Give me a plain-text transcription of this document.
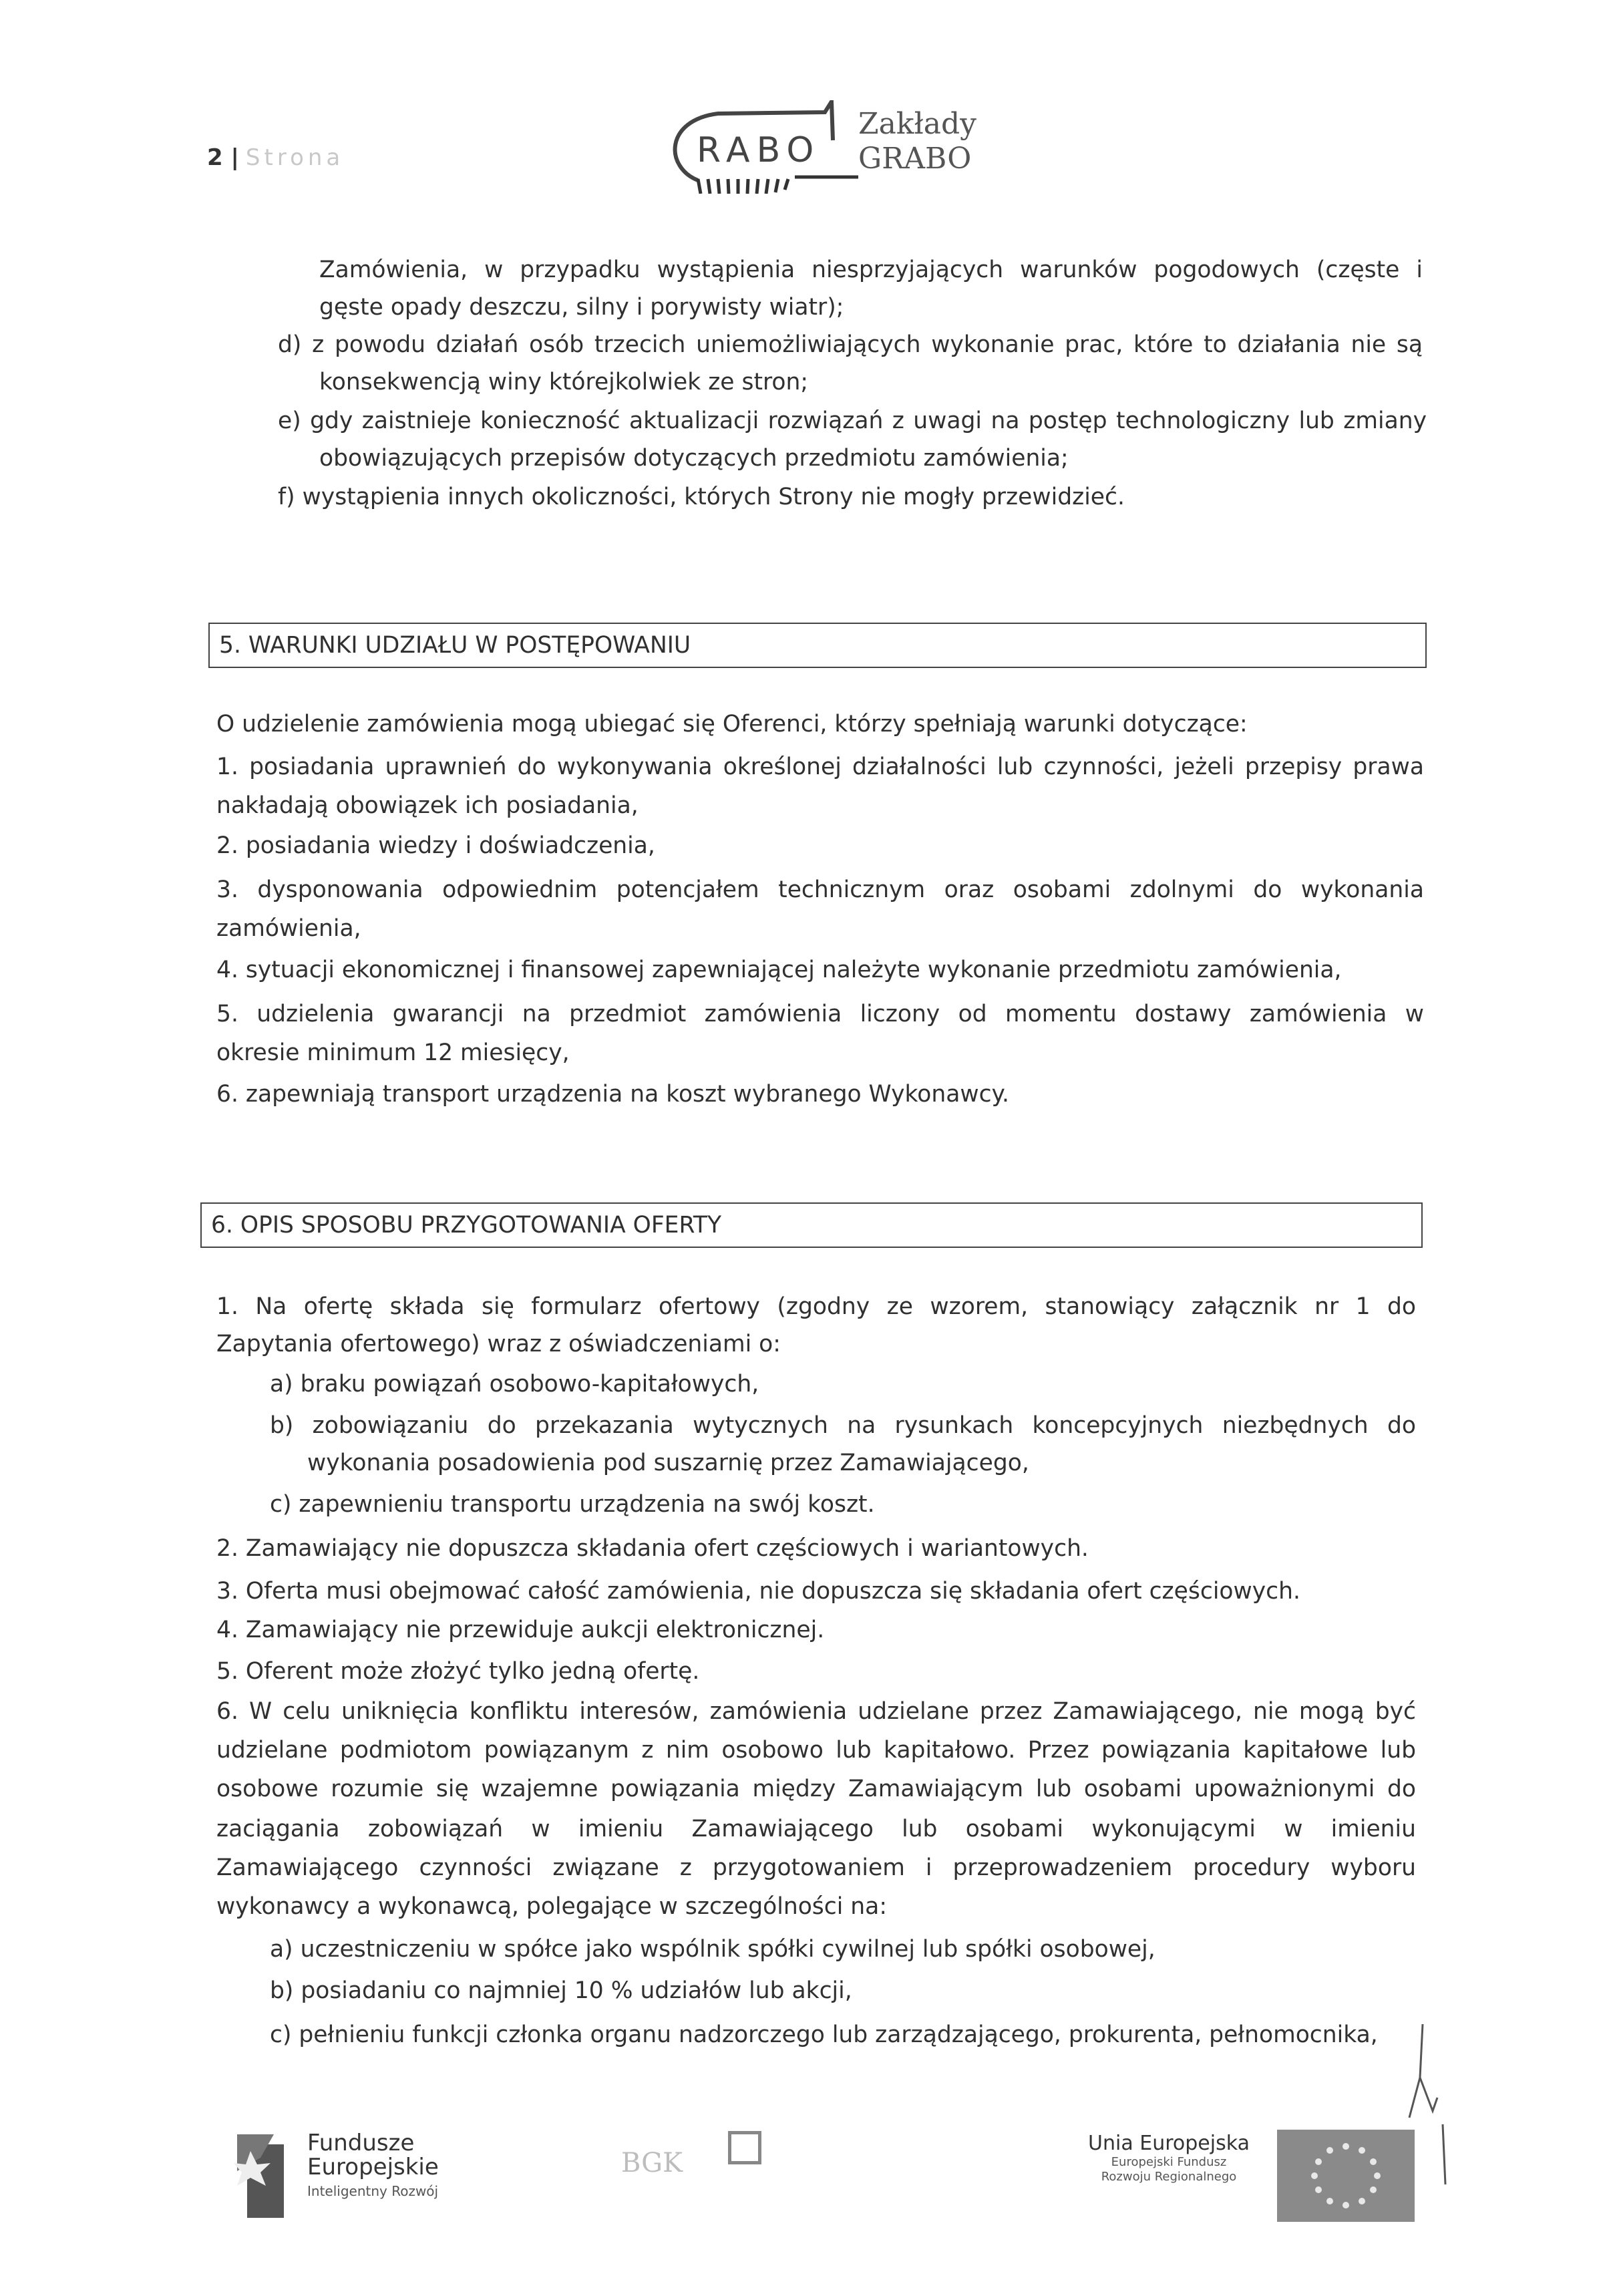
2 | Strona	RABO
Zakłady
GRABO
Zamówienia, w przypadku wystąpienia niesprzyjających warunków pogodowych (częste i
gęste opady deszczu, silny i porywisty wiatr);
d) z powodu działań osób trzecich uniemożliwiających wykonanie prac, które to działania nie są
konsekwencją winy którejkolwiek ze stron;
e) gdy zaistnieje konieczność aktualizacji rozwiązań z uwagi na postęp technologiczny lub zmiany
obowiązujących przepisów dotyczących przedmiotu zamówienia;
f) wystąpienia innych okoliczności, których Strony nie mogły przewidzieć.
5. WARUNKI UDZIAŁU W POSTĘPOWANIU
O udzielenie zamówienia mogą ubiegać się Oferenci, którzy spełniają warunki dotyczące:
1. posiadania uprawnień do wykonywania określonej działalności lub czynności, jeżeli przepisy prawa
nakładają obowiązek ich posiadania,
2. posiadania wiedzy i doświadczenia,
3. dysponowania odpowiednim potencjałem technicznym oraz osobami zdolnymi do wykonania
zamówienia,
4. sytuacji ekonomicznej i finansowej zapewniającej należyte wykonanie przedmiotu zamówienia,
5. udzielenia gwarancji na przedmiot zamówienia liczony od momentu dostawy zamówienia w
okresie minimum 12 miesięcy,
6. zapewniają transport urządzenia na koszt wybranego Wykonawcy.
6. OPIS SPOSOBU PRZYGOTOWANIA OFERTY
1. Na ofertę składa się formularz ofertowy (zgodny ze wzorem, stanowiący załącznik nr 1 do
Zapytania ofertowego) wraz z oświadczeniami o:
a) braku powiązań osobowo-kapitałowych,
b) zobowiązaniu do przekazania wytycznych na rysunkach koncepcyjnych niezbędnych do
wykonania posadowienia pod suszarnię przez Zamawiającego,
c) zapewnieniu transportu urządzenia na swój koszt.
2. Zamawiający nie dopuszcza składania ofert częściowych i wariantowych.
3. Oferta musi obejmować całość zamówienia, nie dopuszcza się składania ofert częściowych.
4. Zamawiający nie przewiduje aukcji elektronicznej.
5. Oferent może złożyć tylko jedną ofertę.
6. W celu uniknięcia konfliktu interesów, zamówienia udzielane przez Zamawiającego, nie mogą być
udzielane podmiotom powiązanym z nim osobowo lub kapitałowo. Przez powiązania kapitałowe lub
osobowe rozumie się wzajemne powiązania między Zamawiającym lub osobami upoważnionymi do
zaciągania zobowiązań w imieniu Zamawiającego lub osobami wykonującymi w imieniu
Zamawiającego czynności związane z przygotowaniem i przeprowadzeniem procedury wyboru
wykonawcy a wykonawcą, polegające w szczególności na:
a) uczestniczeniu w spółce jako wspólnik spółki cywilnej lub spółki osobowej,
b) posiadaniu co najmniej 10 % udziałów lub akcji,
c) pełnieniu funkcji członka organu nadzorczego lub zarządzającego, prokurenta, pełnomocnika,
Fundusze
Europejskie
Inteligentny Rozwój
BGK
Unia Europejska
Europejski Fundusz
Rozwoju Regionalnego
